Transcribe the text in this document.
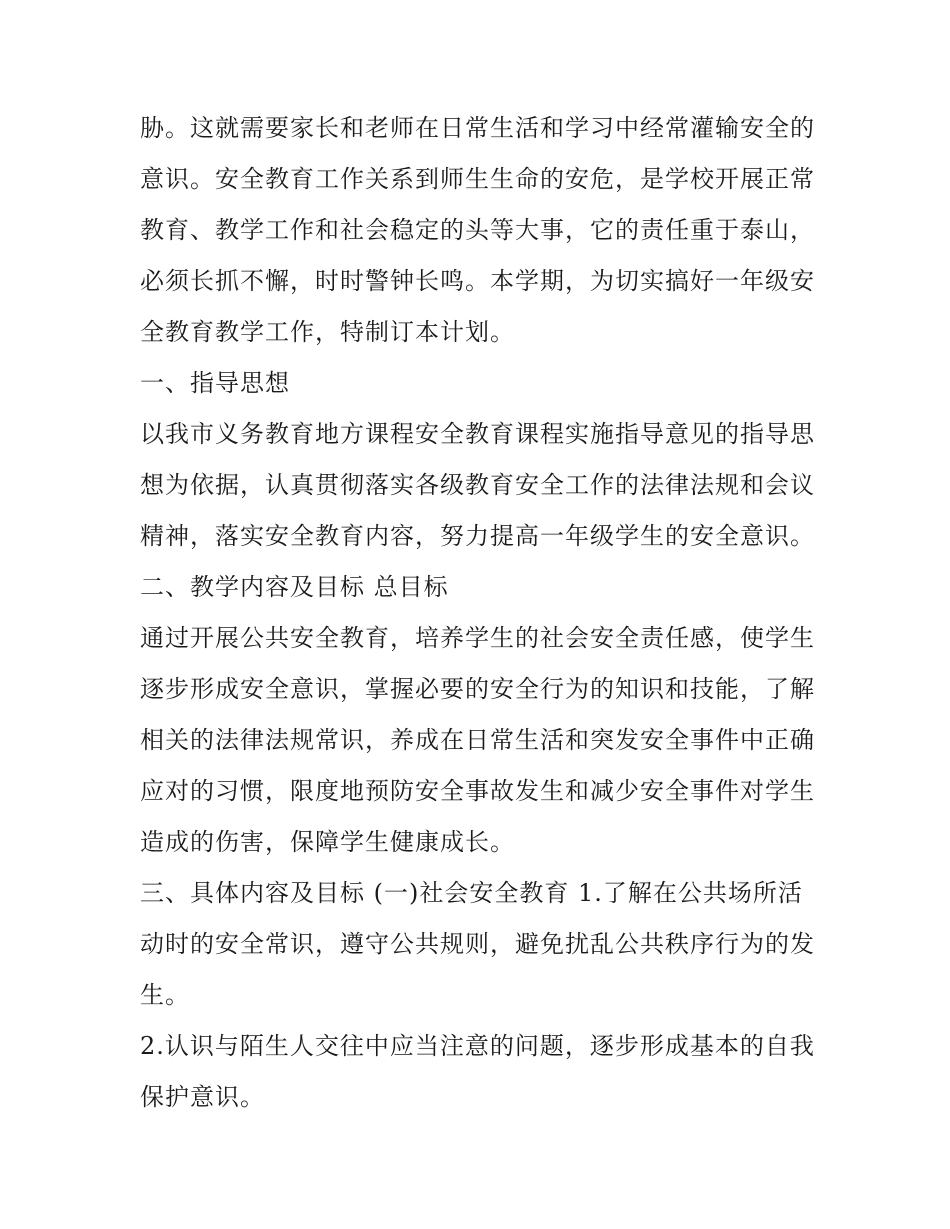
胁。这就需要家长和老师在日常生活和学习中经常灌输安全的意识。安全教育工作关系到师生生命的安危，是学校开展正常教育、教学工作和社会稳定的头等大事，它的责任重于泰山，必须长抓不懈，时时警钟长鸣。本学期，为切实搞好一年级安全教育教学工作，特制订本计划。

一、指导思想

以我市义务教育地方课程安全教育课程实施指导意见的指导思想为依据，认真贯彻落实各级教育安全工作的法律法规和会议精神，落实安全教育内容，努力提高一年级学生的安全意识。

二、教学内容及目标 总目标

通过开展公共安全教育，培养学生的社会安全责任感，使学生逐步形成安全意识，掌握必要的安全行为的知识和技能，了解相关的法律法规常识，养成在日常生活和突发安全事件中正确应对的习惯，限度地预防安全事故发生和减少安全事件对学生造成的伤害，保障学生健康成长。

三、具体内容及目标 (一)社会安全教育 1.了解在公共场所活动时的安全常识，遵守公共规则，避免扰乱公共秩序行为的发生。

2.认识与陌生人交往中应当注意的问题，逐步形成基本的自我保护意识。
